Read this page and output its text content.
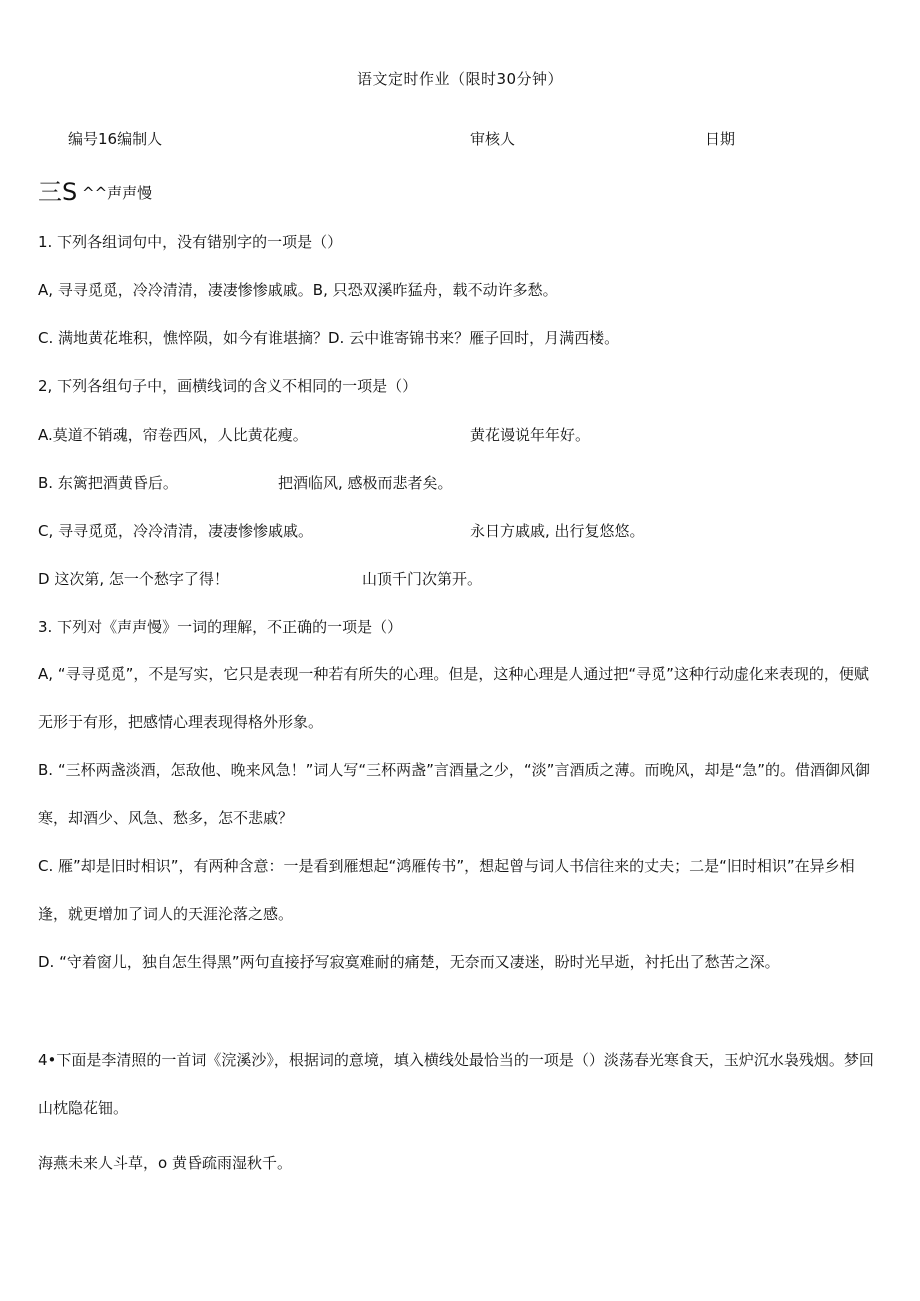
语文定时作业（限时30分钟）
编号16编制人	审核人	日期
三S ^^声声慢
1. 下列各组词句中，没有错别字的一项是（）
A, 寻寻觅觅，冷冷清清，凄凄惨惨戚戚。B, 只恐双溪昨猛舟，载不动许多愁。
C. 满地黄花堆积，憔悴陨，如今有谁堪摘？D. 云中谁寄锦书来？雁子回时，月满西楼。
2, 下列各组句子中，画横线词的含义不相同的一项是（）
A.莫道不销魂，帘卷西风，人比黄花瘦。	黄花谩说年年好。
B. 东篱把酒黄昏后。	把酒临风, 感极而悲者矣。
C, 寻寻觅觅，冷冷清清，凄凄惨惨戚戚。	永日方戚戚, 出行复悠悠。
D 这次第, 怎一个愁字了得！	山顶千门次第开。
3. 下列对《声声慢》一词的理解，不正确的一项是（）
A, “寻寻觅觅”，不是写实，它只是表现一种若有所失的心理。但是，这种心理是人通过把“寻觅”这种行动虚化来表现的，便赋无形于有形，把感情心理表现得格外形象。
B. “三杯两盏淡酒，怎敌他、晚来风急！”词人写“三杯两盏”言酒量之少，“淡”言酒质之薄。而晚风，却是“急”的。借酒御风御寒，却酒少、风急、愁多，怎不悲戚？
C. 雁”却是旧时相识”，有两种含意：一是看到雁想起“鸿雁传书”，想起曾与词人书信往来的丈夫；二是“旧时相识”在异乡相逢，就更增加了词人的天涯沦落之感。
D. “守着窗儿，独自怎生得黑”两句直接抒写寂寞难耐的痛楚，无奈而又凄迷，盼时光早逝，衬托出了愁苦之深。
4•下面是李清照的一首词《浣溪沙》，根据词的意境，填入横线处最恰当的一项是（）淡荡春光寒食天，玉炉沉水袅残烟。梦回山枕隐花钿。
海燕未来人斗草，o 黄昏疏雨湿秋千。
